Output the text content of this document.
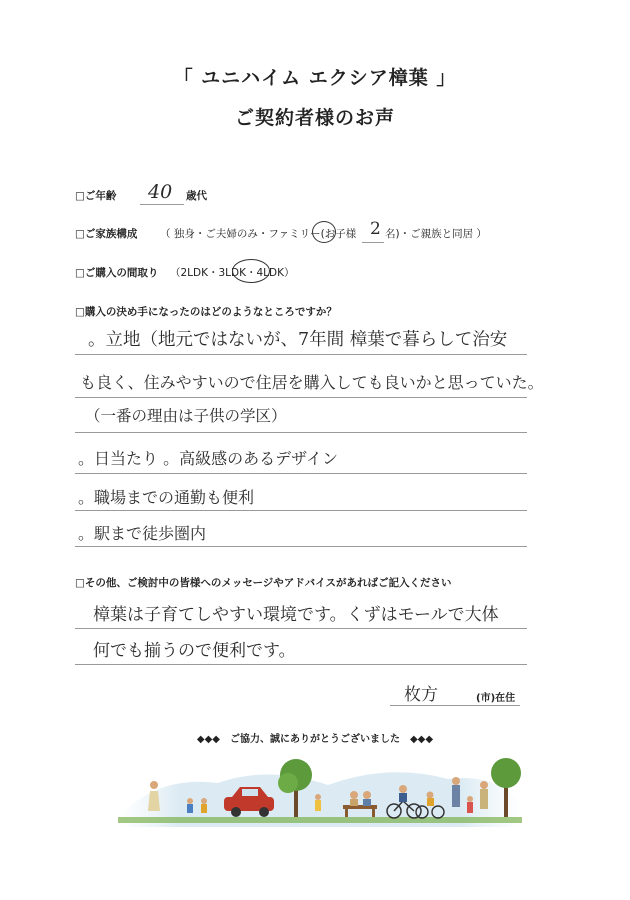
「 ユニハイム エクシア樟葉 」
ご契約者様のお声
□ご年齢 40 歳代
□ご家族構成 （ 独身・ご夫婦のみ・ファミリー(お子様 2 名)・ご親族と同居 ）
□ご購入の間取り （2LDK・3LDK・4LDK）
□購入の決め手になったのはどのようなところですか？
。立地（地元ではないが、7年間 樟葉で暮らして治安
も良く、住みやすいので住居を購入しても良いかと思っていた。
（一番の理由は子供の学区）
。日当たり 。高級感のあるデザイン
。職場までの通勤も便利
。駅まで徒歩圏内
□その他、ご検討中の皆様へのメッセージやアドバイスがあればご記入ください
樟葉は子育てしやすい環境です。くずはモールで大体
何でも揃うので便利です。
枚方	(市)在住
◆◆◆　ご協力、誠にありがとうございました　◆◆◆
